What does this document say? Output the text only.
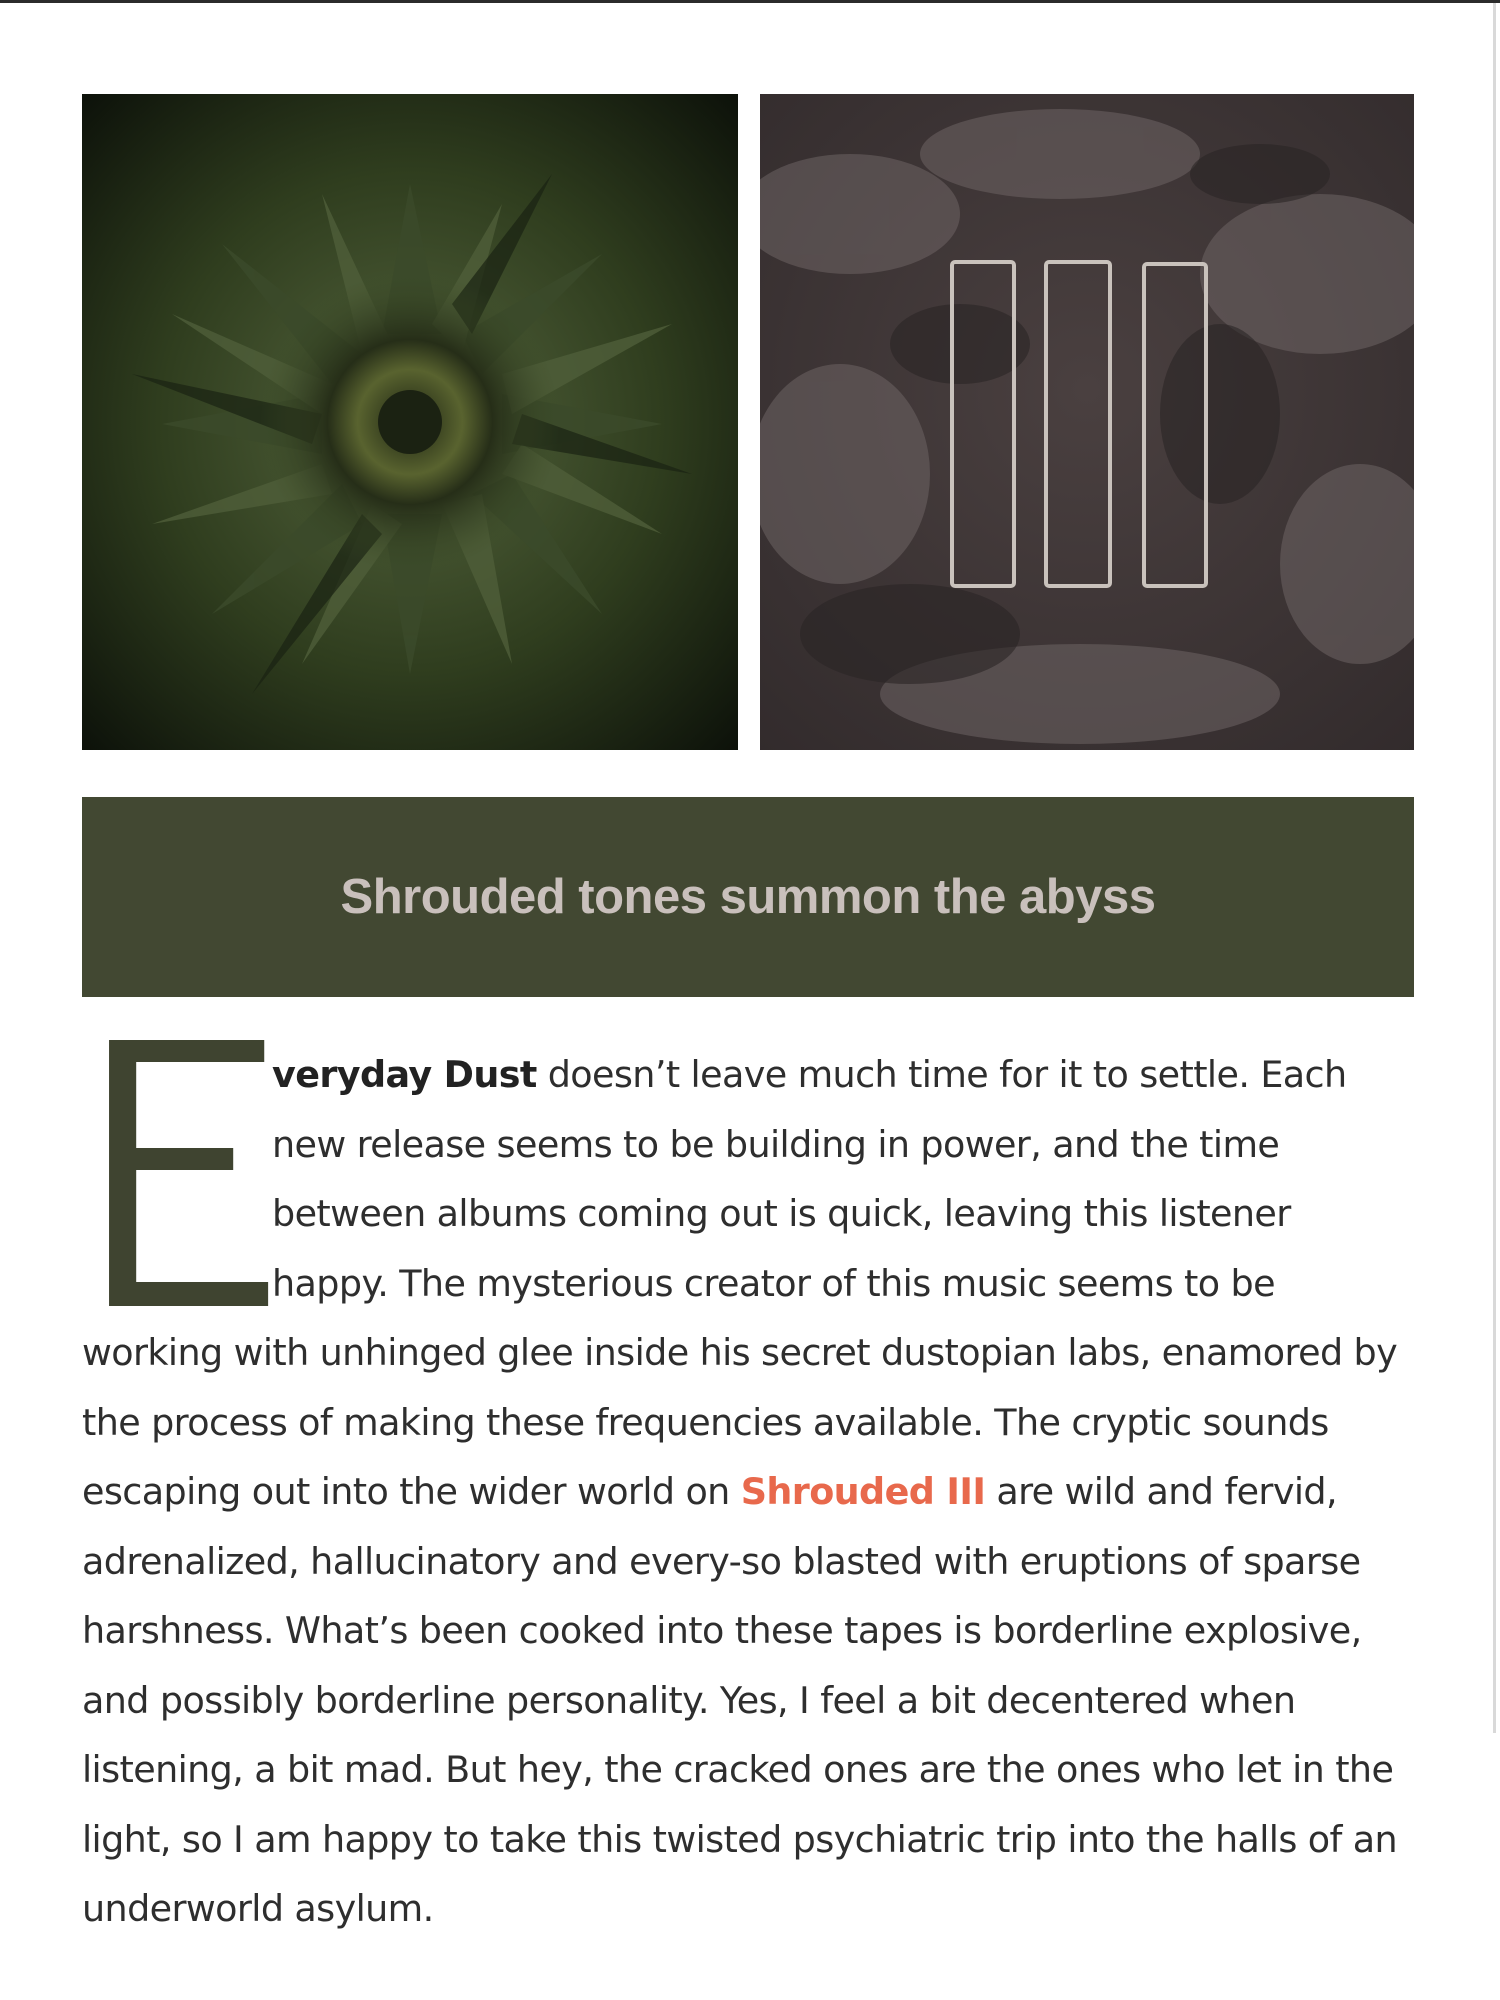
Shrouded tones summon the abyss

veryday Dust doesn’t leave much time for it to settle. Each new release seems to be building in power, and the time between albums coming out is quick, leaving this listener happy. The mysterious creator of this music seems to be working with unhinged glee inside his secret dustopian labs, enamored by the process of making these frequencies available. The cryptic sounds escaping out into the wider world on Shrouded III are wild and fervid, adrenalized, hallucinatory and every-so blasted with eruptions of sparse harshness. What’s been cooked into these tapes is borderline explosive, and possibly borderline personality. Yes, I feel a bit decentered when listening, a bit mad. But hey, the cracked ones are the ones who let in the light, so I am happy to take this twisted psychiatric trip into the halls of an underworld asylum.
